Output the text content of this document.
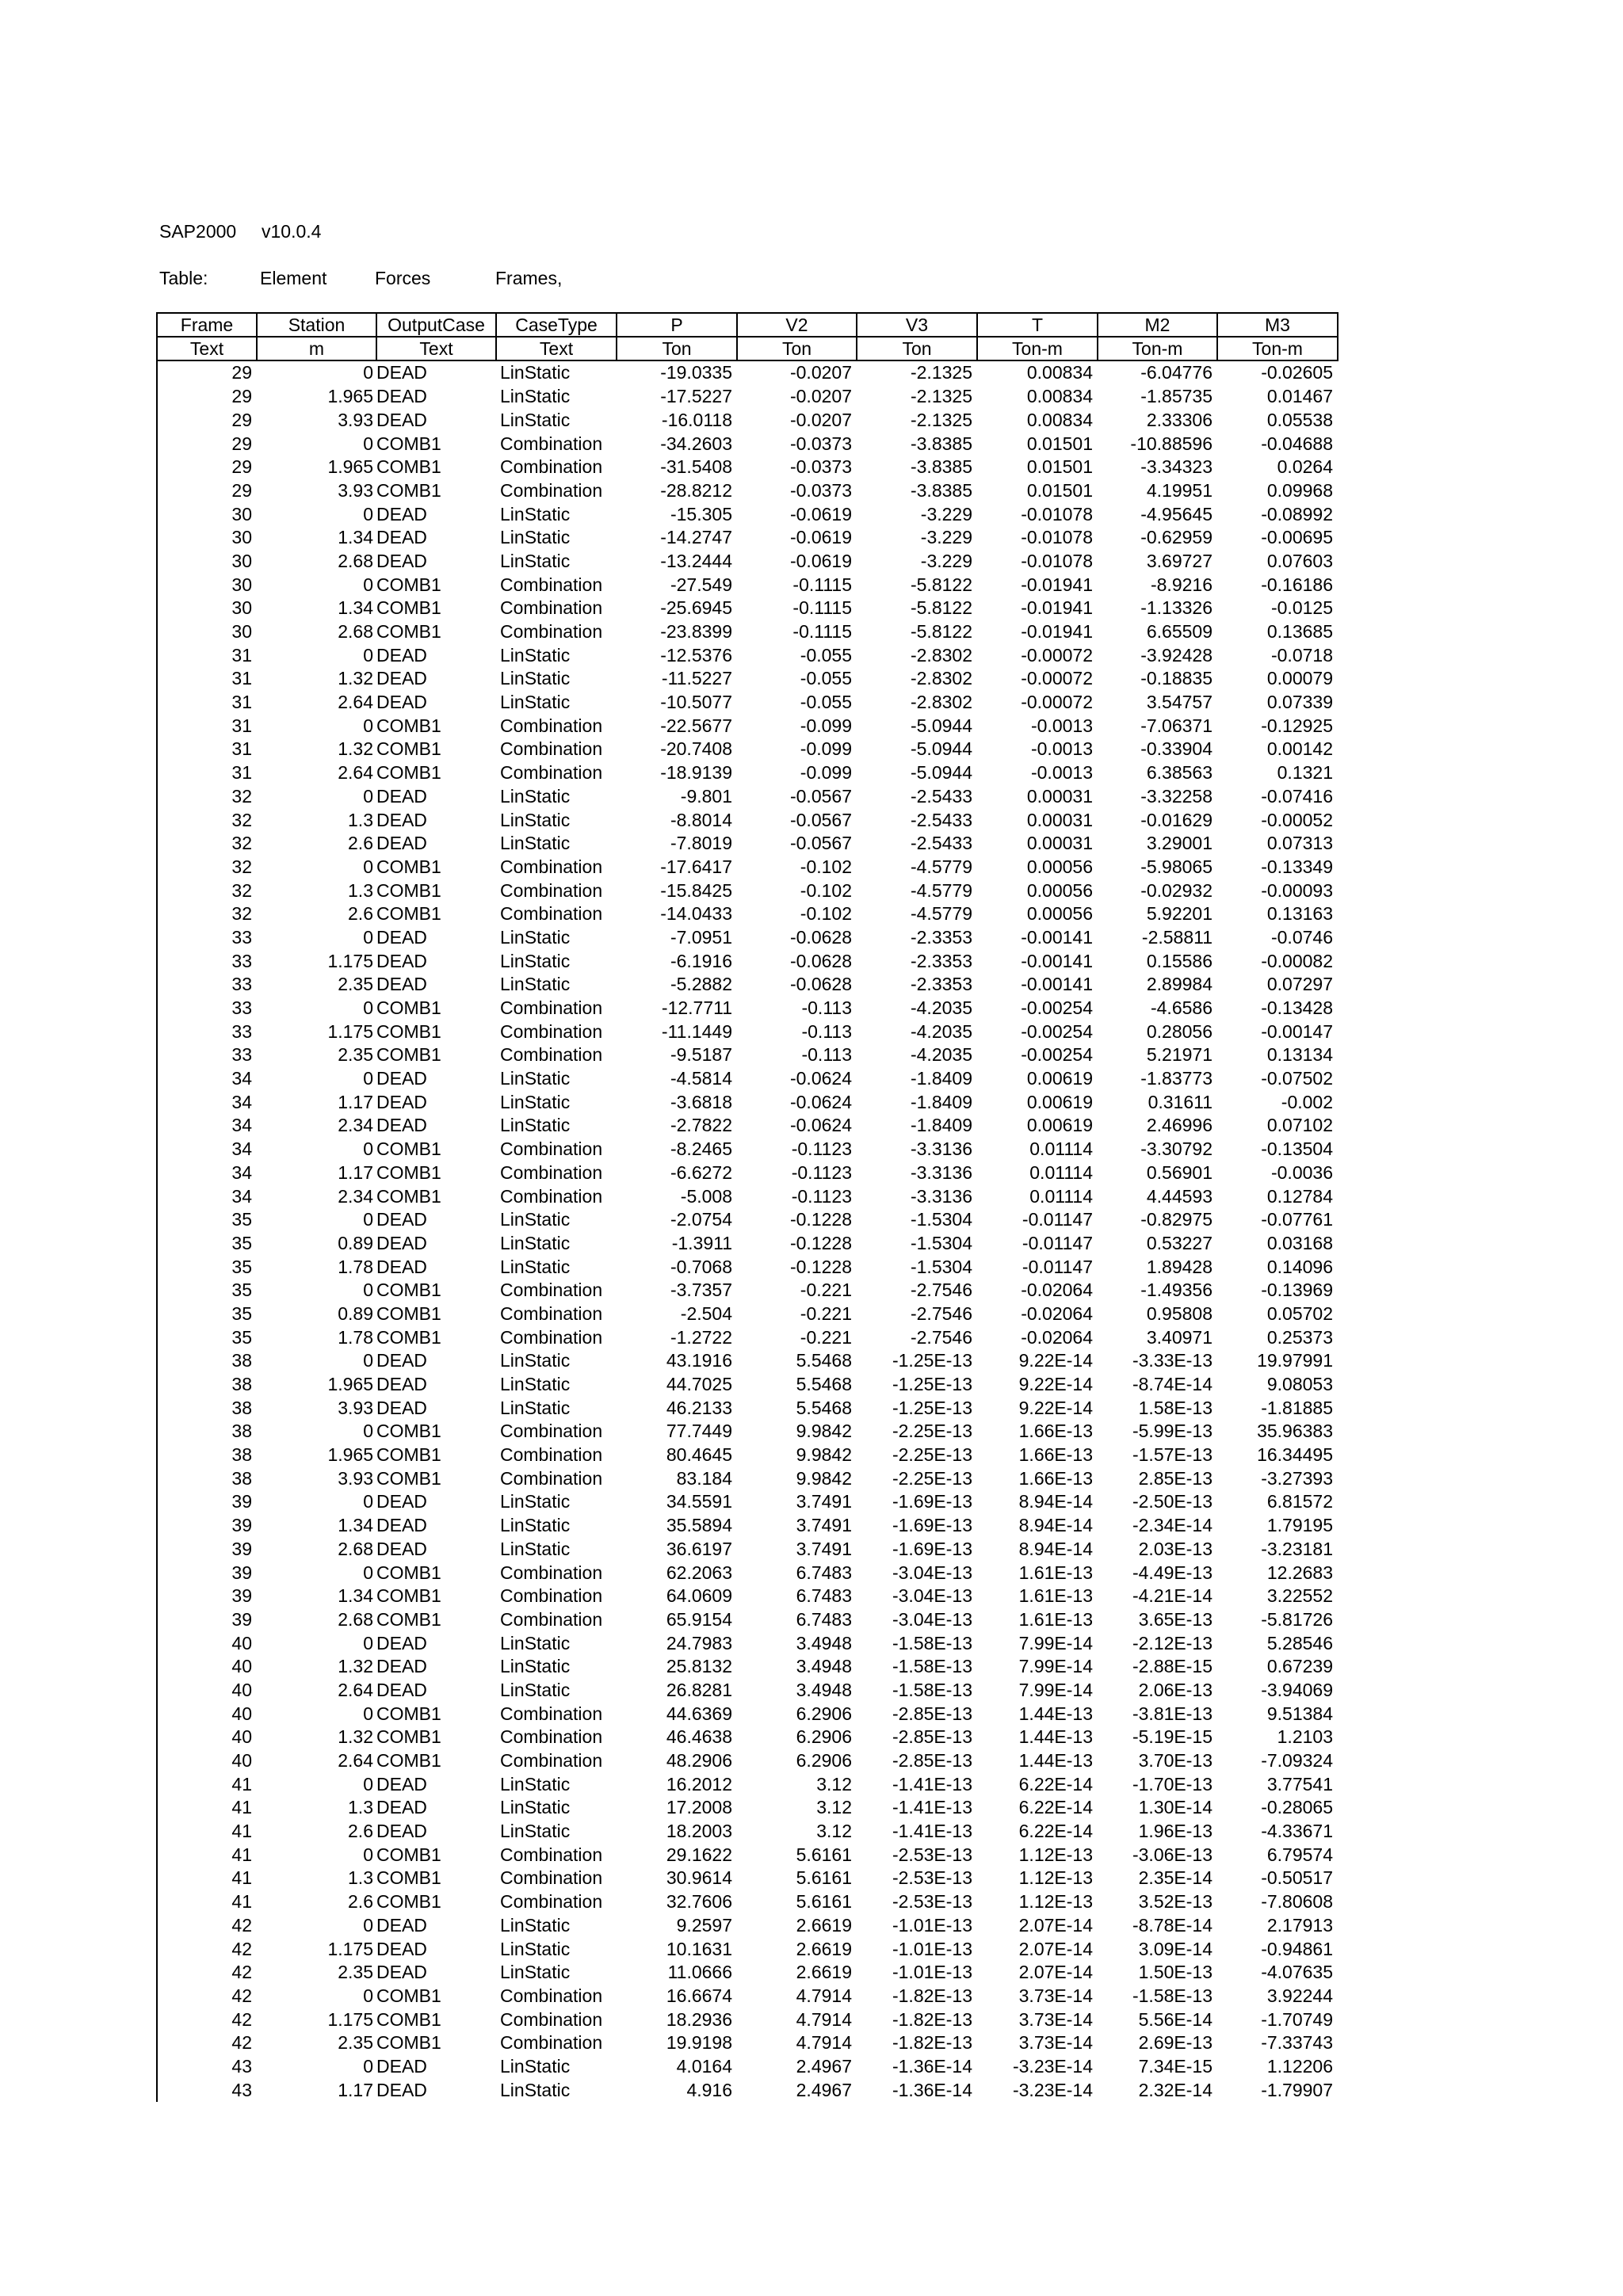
SAP2000 v10.0.4
Table:	Element	Forces	Frames,
Frame	Station	OutputCase	CaseType	P	V2	V3	T	M2	M3
Text	m	Text	Text	Ton	Ton	Ton	Ton-m	Ton-m	Ton-m
29	0	DEAD	LinStatic	-19.0335	-0.0207	-2.1325	0.00834	-6.04776	-0.02605
29	1.965	DEAD	LinStatic	-17.5227	-0.0207	-2.1325	0.00834	-1.85735	0.01467
29	3.93	DEAD	LinStatic	-16.0118	-0.0207	-2.1325	0.00834	2.33306	0.05538
29	0	COMB1	Combination	-34.2603	-0.0373	-3.8385	0.01501	-10.88596	-0.04688
29	1.965	COMB1	Combination	-31.5408	-0.0373	-3.8385	0.01501	-3.34323	0.0264
29	3.93	COMB1	Combination	-28.8212	-0.0373	-3.8385	0.01501	4.19951	0.09968
30	0	DEAD	LinStatic	-15.305	-0.0619	-3.229	-0.01078	-4.95645	-0.08992
30	1.34	DEAD	LinStatic	-14.2747	-0.0619	-3.229	-0.01078	-0.62959	-0.00695
30	2.68	DEAD	LinStatic	-13.2444	-0.0619	-3.229	-0.01078	3.69727	0.07603
30	0	COMB1	Combination	-27.549	-0.1115	-5.8122	-0.01941	-8.9216	-0.16186
30	1.34	COMB1	Combination	-25.6945	-0.1115	-5.8122	-0.01941	-1.13326	-0.0125
30	2.68	COMB1	Combination	-23.8399	-0.1115	-5.8122	-0.01941	6.65509	0.13685
31	0	DEAD	LinStatic	-12.5376	-0.055	-2.8302	-0.00072	-3.92428	-0.0718
31	1.32	DEAD	LinStatic	-11.5227	-0.055	-2.8302	-0.00072	-0.18835	0.00079
31	2.64	DEAD	LinStatic	-10.5077	-0.055	-2.8302	-0.00072	3.54757	0.07339
31	0	COMB1	Combination	-22.5677	-0.099	-5.0944	-0.0013	-7.06371	-0.12925
31	1.32	COMB1	Combination	-20.7408	-0.099	-5.0944	-0.0013	-0.33904	0.00142
31	2.64	COMB1	Combination	-18.9139	-0.099	-5.0944	-0.0013	6.38563	0.1321
32	0	DEAD	LinStatic	-9.801	-0.0567	-2.5433	0.00031	-3.32258	-0.07416
32	1.3	DEAD	LinStatic	-8.8014	-0.0567	-2.5433	0.00031	-0.01629	-0.00052
32	2.6	DEAD	LinStatic	-7.8019	-0.0567	-2.5433	0.00031	3.29001	0.07313
32	0	COMB1	Combination	-17.6417	-0.102	-4.5779	0.00056	-5.98065	-0.13349
32	1.3	COMB1	Combination	-15.8425	-0.102	-4.5779	0.00056	-0.02932	-0.00093
32	2.6	COMB1	Combination	-14.0433	-0.102	-4.5779	0.00056	5.92201	0.13163
33	0	DEAD	LinStatic	-7.0951	-0.0628	-2.3353	-0.00141	-2.58811	-0.0746
33	1.175	DEAD	LinStatic	-6.1916	-0.0628	-2.3353	-0.00141	0.15586	-0.00082
33	2.35	DEAD	LinStatic	-5.2882	-0.0628	-2.3353	-0.00141	2.89984	0.07297
33	0	COMB1	Combination	-12.7711	-0.113	-4.2035	-0.00254	-4.6586	-0.13428
33	1.175	COMB1	Combination	-11.1449	-0.113	-4.2035	-0.00254	0.28056	-0.00147
33	2.35	COMB1	Combination	-9.5187	-0.113	-4.2035	-0.00254	5.21971	0.13134
34	0	DEAD	LinStatic	-4.5814	-0.0624	-1.8409	0.00619	-1.83773	-0.07502
34	1.17	DEAD	LinStatic	-3.6818	-0.0624	-1.8409	0.00619	0.31611	-0.002
34	2.34	DEAD	LinStatic	-2.7822	-0.0624	-1.8409	0.00619	2.46996	0.07102
34	0	COMB1	Combination	-8.2465	-0.1123	-3.3136	0.01114	-3.30792	-0.13504
34	1.17	COMB1	Combination	-6.6272	-0.1123	-3.3136	0.01114	0.56901	-0.0036
34	2.34	COMB1	Combination	-5.008	-0.1123	-3.3136	0.01114	4.44593	0.12784
35	0	DEAD	LinStatic	-2.0754	-0.1228	-1.5304	-0.01147	-0.82975	-0.07761
35	0.89	DEAD	LinStatic	-1.3911	-0.1228	-1.5304	-0.01147	0.53227	0.03168
35	1.78	DEAD	LinStatic	-0.7068	-0.1228	-1.5304	-0.01147	1.89428	0.14096
35	0	COMB1	Combination	-3.7357	-0.221	-2.7546	-0.02064	-1.49356	-0.13969
35	0.89	COMB1	Combination	-2.504	-0.221	-2.7546	-0.02064	0.95808	0.05702
35	1.78	COMB1	Combination	-1.2722	-0.221	-2.7546	-0.02064	3.40971	0.25373
38	0	DEAD	LinStatic	43.1916	5.5468	-1.25E-13	9.22E-14	-3.33E-13	19.97991
38	1.965	DEAD	LinStatic	44.7025	5.5468	-1.25E-13	9.22E-14	-8.74E-14	9.08053
38	3.93	DEAD	LinStatic	46.2133	5.5468	-1.25E-13	9.22E-14	1.58E-13	-1.81885
38	0	COMB1	Combination	77.7449	9.9842	-2.25E-13	1.66E-13	-5.99E-13	35.96383
38	1.965	COMB1	Combination	80.4645	9.9842	-2.25E-13	1.66E-13	-1.57E-13	16.34495
38	3.93	COMB1	Combination	83.184	9.9842	-2.25E-13	1.66E-13	2.85E-13	-3.27393
39	0	DEAD	LinStatic	34.5591	3.7491	-1.69E-13	8.94E-14	-2.50E-13	6.81572
39	1.34	DEAD	LinStatic	35.5894	3.7491	-1.69E-13	8.94E-14	-2.34E-14	1.79195
39	2.68	DEAD	LinStatic	36.6197	3.7491	-1.69E-13	8.94E-14	2.03E-13	-3.23181
39	0	COMB1	Combination	62.2063	6.7483	-3.04E-13	1.61E-13	-4.49E-13	12.2683
39	1.34	COMB1	Combination	64.0609	6.7483	-3.04E-13	1.61E-13	-4.21E-14	3.22552
39	2.68	COMB1	Combination	65.9154	6.7483	-3.04E-13	1.61E-13	3.65E-13	-5.81726
40	0	DEAD	LinStatic	24.7983	3.4948	-1.58E-13	7.99E-14	-2.12E-13	5.28546
40	1.32	DEAD	LinStatic	25.8132	3.4948	-1.58E-13	7.99E-14	-2.88E-15	0.67239
40	2.64	DEAD	LinStatic	26.8281	3.4948	-1.58E-13	7.99E-14	2.06E-13	-3.94069
40	0	COMB1	Combination	44.6369	6.2906	-2.85E-13	1.44E-13	-3.81E-13	9.51384
40	1.32	COMB1	Combination	46.4638	6.2906	-2.85E-13	1.44E-13	-5.19E-15	1.2103
40	2.64	COMB1	Combination	48.2906	6.2906	-2.85E-13	1.44E-13	3.70E-13	-7.09324
41	0	DEAD	LinStatic	16.2012	3.12	-1.41E-13	6.22E-14	-1.70E-13	3.77541
41	1.3	DEAD	LinStatic	17.2008	3.12	-1.41E-13	6.22E-14	1.30E-14	-0.28065
41	2.6	DEAD	LinStatic	18.2003	3.12	-1.41E-13	6.22E-14	1.96E-13	-4.33671
41	0	COMB1	Combination	29.1622	5.6161	-2.53E-13	1.12E-13	-3.06E-13	6.79574
41	1.3	COMB1	Combination	30.9614	5.6161	-2.53E-13	1.12E-13	2.35E-14	-0.50517
41	2.6	COMB1	Combination	32.7606	5.6161	-2.53E-13	1.12E-13	3.52E-13	-7.80608
42	0	DEAD	LinStatic	9.2597	2.6619	-1.01E-13	2.07E-14	-8.78E-14	2.17913
42	1.175	DEAD	LinStatic	10.1631	2.6619	-1.01E-13	2.07E-14	3.09E-14	-0.94861
42	2.35	DEAD	LinStatic	11.0666	2.6619	-1.01E-13	2.07E-14	1.50E-13	-4.07635
42	0	COMB1	Combination	16.6674	4.7914	-1.82E-13	3.73E-14	-1.58E-13	3.92244
42	1.175	COMB1	Combination	18.2936	4.7914	-1.82E-13	3.73E-14	5.56E-14	-1.70749
42	2.35	COMB1	Combination	19.9198	4.7914	-1.82E-13	3.73E-14	2.69E-13	-7.33743
43	0	DEAD	LinStatic	4.0164	2.4967	-1.36E-14	-3.23E-14	7.34E-15	1.12206
43	1.17	DEAD	LinStatic	4.916	2.4967	-1.36E-14	-3.23E-14	2.32E-14	-1.79907
